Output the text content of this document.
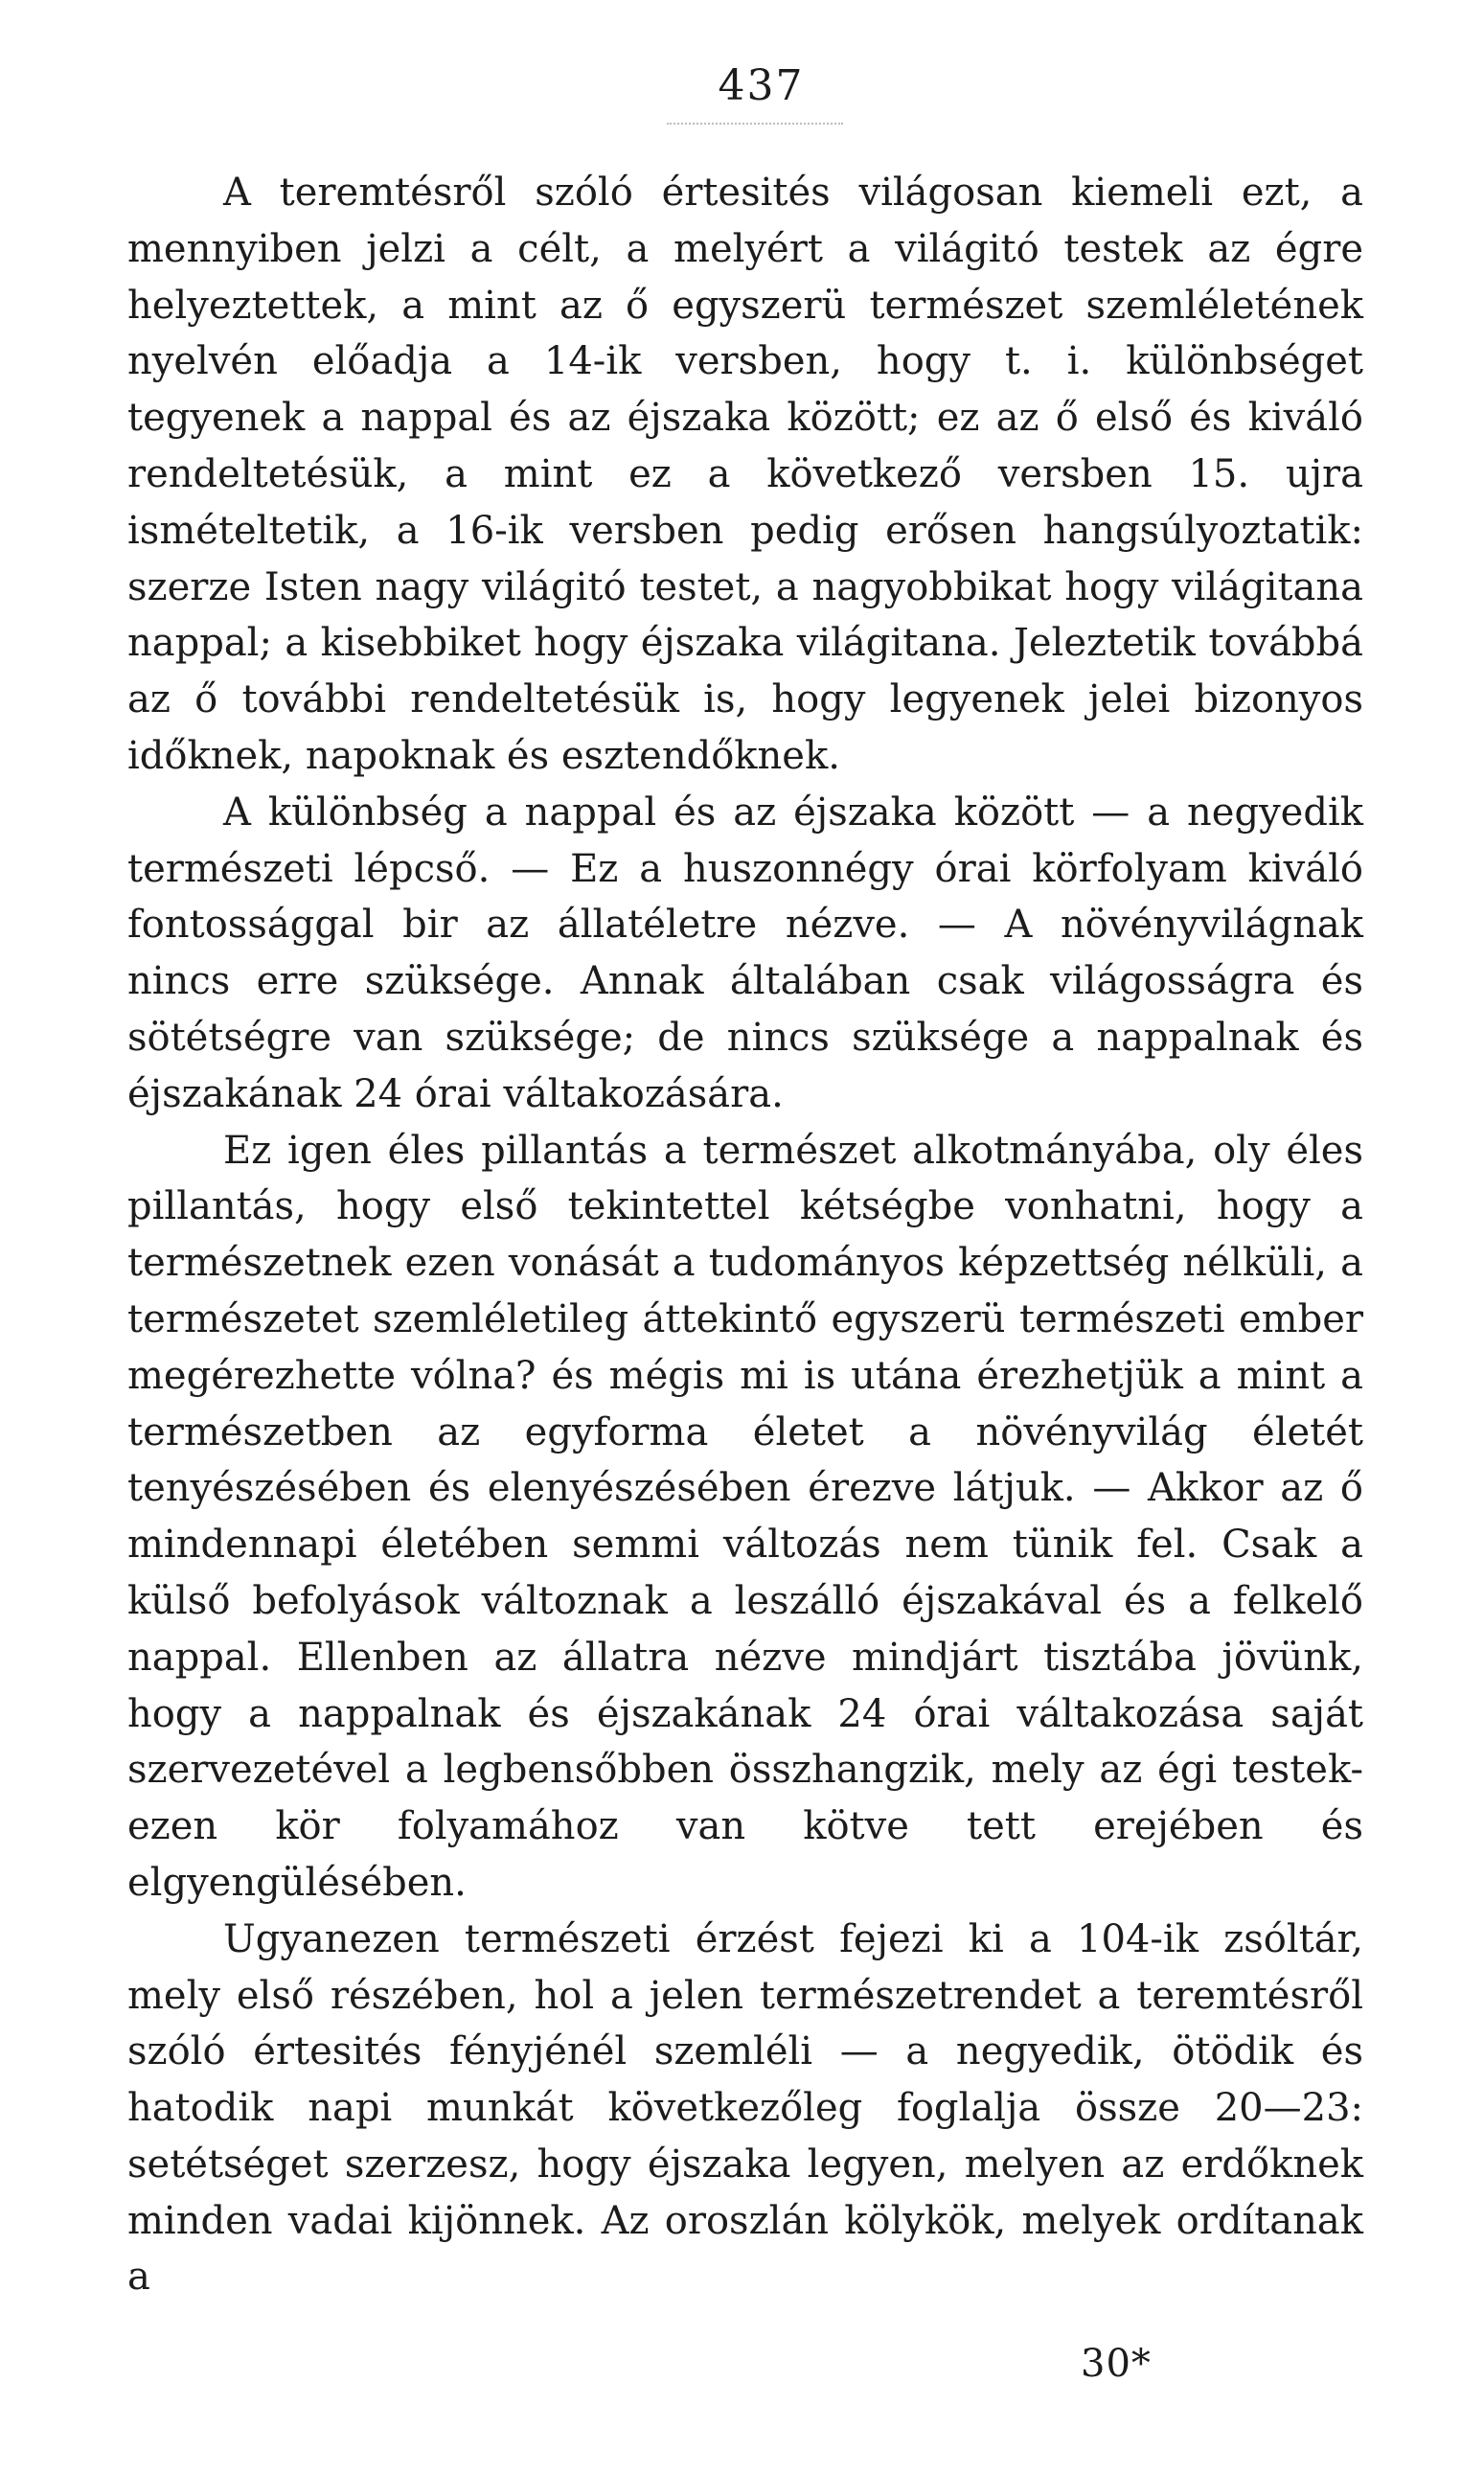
437

A teremtésről szóló értesités világosan kiemeli ezt, a mennyiben jelzi a célt, a melyért a világitó testek az égre helyeztettek, a mint az ő egyszerü természet szemléletének nyelvén előadja a 14-ik versben, hogy t. i. különbséget tegyenek a nappal és az éjszaka között; ez az ő első és kiváló rendeltetésük, a mint ez a következő versben 15. ujra ismételtetik, a 16-ik versben pedig erősen hangsúlyoztatik: szerze Isten nagy világitó testet, a nagyobbikat hogy világitana nappal; a kisebbiket hogy éjszaka világitana. Jeleztetik továbbá az ő további rendeltetésük is, hogy legyenek jelei bizonyos időknek, napoknak és esztendőknek.

A különbség a nappal és az éjszaka között — a negyedik természeti lépcső. — Ez a huszonnégy órai körfolyam kiváló fontossággal bir az állatéletre nézve. — A növényvilágnak nincs erre szüksége. Annak általában csak világosságra és sötétségre van szüksége; de nincs szüksége a nappalnak és éjszakának 24 órai váltakozására.

Ez igen éles pillantás a természet alkotmányába, oly éles pillantás, hogy első tekintettel kétségbe vonhatni, hogy a természetnek ezen vonását a tudományos képzettség nélküli, a természetet szemléletileg áttekintő egyszerü természeti ember megérezhette vólna? és mégis mi is utána érezhetjük a mint a természetben az egyforma életet a növényvilág életét tenyészésében és elenyészésében érezve látjuk. — Akkor az ő mindennapi életében semmi változás nem tünik fel. Csak a külső befolyások változnak a leszálló éjszakával és a felkelő nappal. Ellenben az állatra nézve mindjárt tisztába jövünk, hogy a nappalnak és éjszakának 24 órai váltakozása saját szervezetével a legbensőbben összhangzik, mely az égi testek-ezen kör folyamához van kötve tett erejében és elgyengülésében.

Ugyanezen természeti érzést fejezi ki a 104-ik zsóltár, mely első részében, hol a jelen természetrendet a teremtésről szóló értesités fényjénél szemléli — a negyedik, ötödik és hatodik napi munkát következőleg foglalja össze 20—23: setétséget szerzesz, hogy éjszaka legyen, melyen az erdőknek minden vadai kijönnek. Az oroszlán kölykök, melyek ordítanak a

30*
